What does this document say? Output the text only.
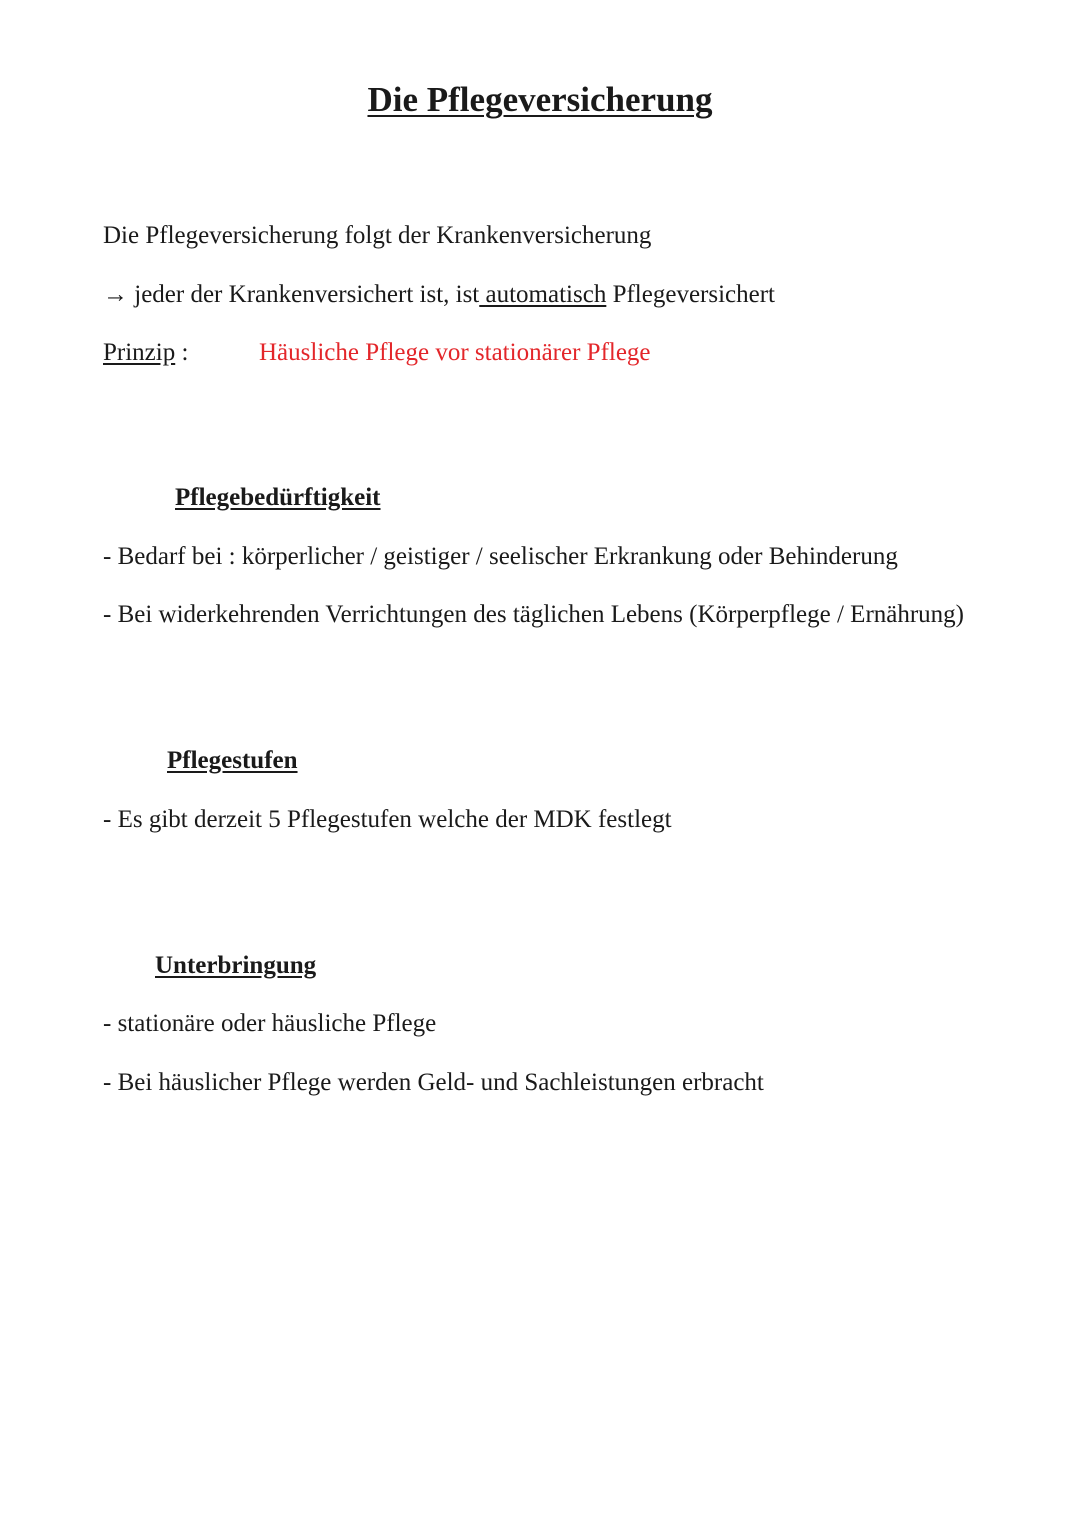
Die Pflegeversicherung

Die Pflegeversicherung folgt der Krankenversicherung

→ jeder der Krankenversichert ist, ist automatisch Pflegeversichert

Prinzip :	Häusliche Pflege vor stationärer Pflege

Pflegebedürftigkeit

- Bedarf bei : körperlicher / geistiger / seelischer Erkrankung oder Behinderung

- Bei widerkehrenden Verrichtungen des täglichen Lebens (Körperpflege / Ernährung)

Pflegestufen

- Es gibt derzeit 5 Pflegestufen welche der MDK festlegt

Unterbringung

- stationäre oder häusliche Pflege

- Bei häuslicher Pflege werden Geld- und Sachleistungen erbracht
